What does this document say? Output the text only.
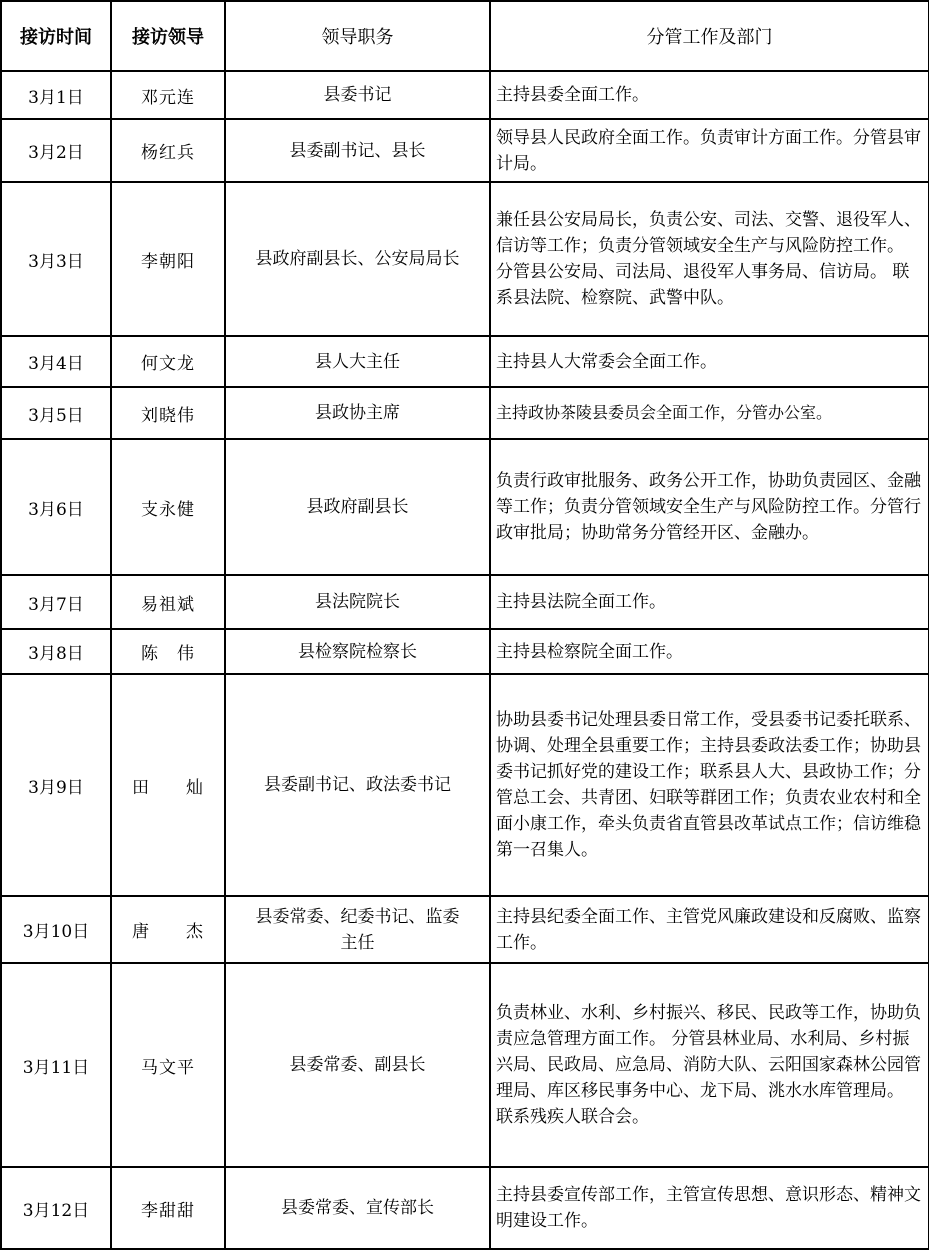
接访时间	接访领导	领导职务	分管工作及部门
3月1日	邓元连	县委书记	主持县委全面工作。
3月2日	杨红兵	县委副书记、县长	领导县人民政府全面工作。负责审计方面工作。分管县审计局。
3月3日	李朝阳	县政府副县长、公安局局长	兼任县公安局局长，负责公安、司法、交警、退役军人、信访等工作；负责分管领域安全生产与风险防控工作。 分管县公安局、司法局、退役军人事务局、信访局。 联系县法院、检察院、武警中队。
3月4日	何文龙	县人大主任	主持县人大常委会全面工作。
3月5日	刘晓伟	县政协主席	主持政协茶陵县委员会全面工作，分管办公室。
3月6日	支永健	县政府副县长	负责行政审批服务、政务公开工作，协助负责园区、金融等工作；负责分管领域安全生产与风险防控工作。分管行政审批局；协助常务分管经开区、金融办。
3月7日	易祖斌	县法院院长	主持县法院全面工作。
3月8日	陈　伟	县检察院检察长	主持县检察院全面工作。
3月9日	田　　灿	县委副书记、政法委书记	协助县委书记处理县委日常工作，受县委书记委托联系、协调、处理全县重要工作；主持县委政法委工作；协助县委书记抓好党的建设工作；联系县人大、县政协工作；分管总工会、共青团、妇联等群团工作；负责农业农村和全面小康工作，牵头负责省直管县改革试点工作；信访维稳第一召集人。
3月10日	唐　　杰	县委常委、纪委书记、监委主任	主持县纪委全面工作、主管党风廉政建设和反腐败、监察工作。
3月11日	马文平	县委常委、副县长	负责林业、水利、乡村振兴、移民、民政等工作，协助负责应急管理方面工作。 分管县林业局、水利局、乡村振兴局、民政局、应急局、消防大队、云阳国家森林公园管理局、库区移民事务中心、龙下局、洮水水库管理局。 联系残疾人联合会。
3月12日	李甜甜	县委常委、宣传部长	主持县委宣传部工作，主管宣传思想、意识形态、精神文明建设工作。
